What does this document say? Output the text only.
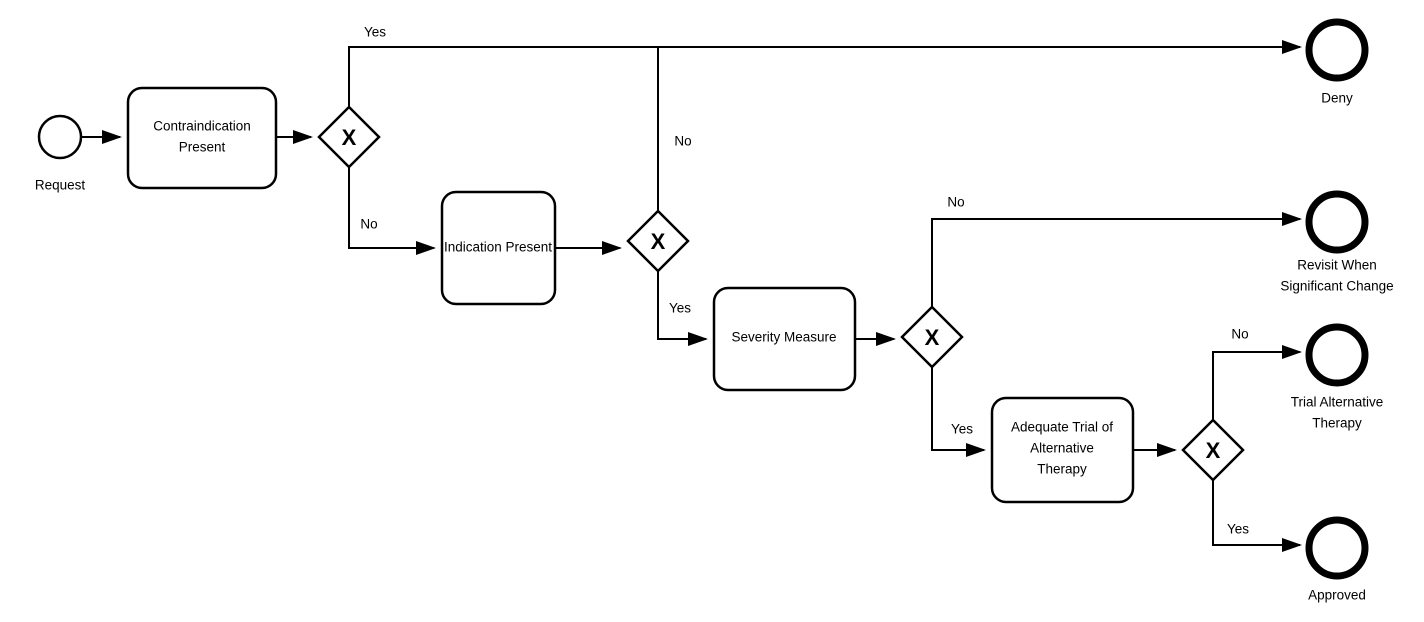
Request
Contraindication
Present
Indication Present
Severity Measure
Adequate Trial of
Alternative
Therapy
X
X
X
X
Deny
Revisit When
Significant Change
Trial Alternative
Therapy
Approved
Yes
No
No
Yes
No
Yes
No
Yes
